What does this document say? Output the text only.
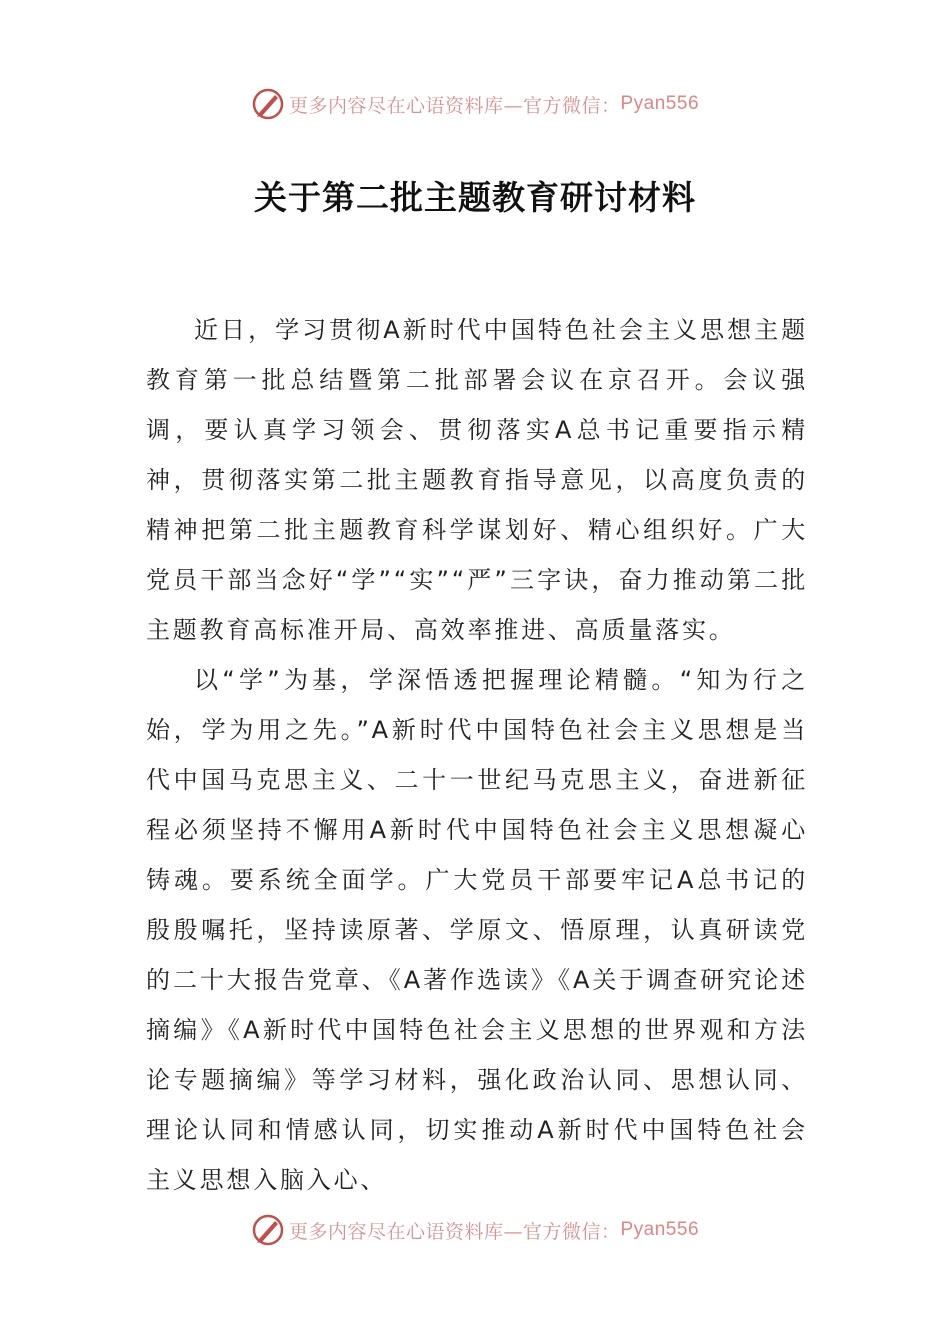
更多内容尽在心语资料库—官方微信： Pyan556
关于第二批主题教育研讨材料

近日，学习贯彻A新时代中国特色社会主义思想主题教育第一批总结暨第二批部署会议在京召开。会议强调，要认真学习领会、贯彻落实A总书记重要指示精神，贯彻落实第二批主题教育指导意见，以高度负责的精神把第二批主题教育科学谋划好、精心组织好。广大党员干部当念好“学”“实”“严”三字诀，奋力推动第二批主题教育高标准开局、高效率推进、高质量落实。

以“学”为基，学深悟透把握理论精髓。“知为行之始，学为用之先。”A新时代中国特色社会主义思想是当代中国马克思主义、二十一世纪马克思主义，奋进新征程必须坚持不懈用A新时代中国特色社会主义思想凝心铸魂。要系统全面学。广大党员干部要牢记A总书记的殷殷嘱托，坚持读原著、学原文、悟原理，认真研读党的二十大报告党章、《A著作选读》《A关于调查研究论述摘编》《A新时代中国特色社会主义思想的世界观和方法论专题摘编》等学习材料，强化政治认同、思想认同、理论认同和情感认同，切实推动A新时代中国特色社会主义思想入脑入心、

更多内容尽在心语资料库—官方微信： Pyan556
